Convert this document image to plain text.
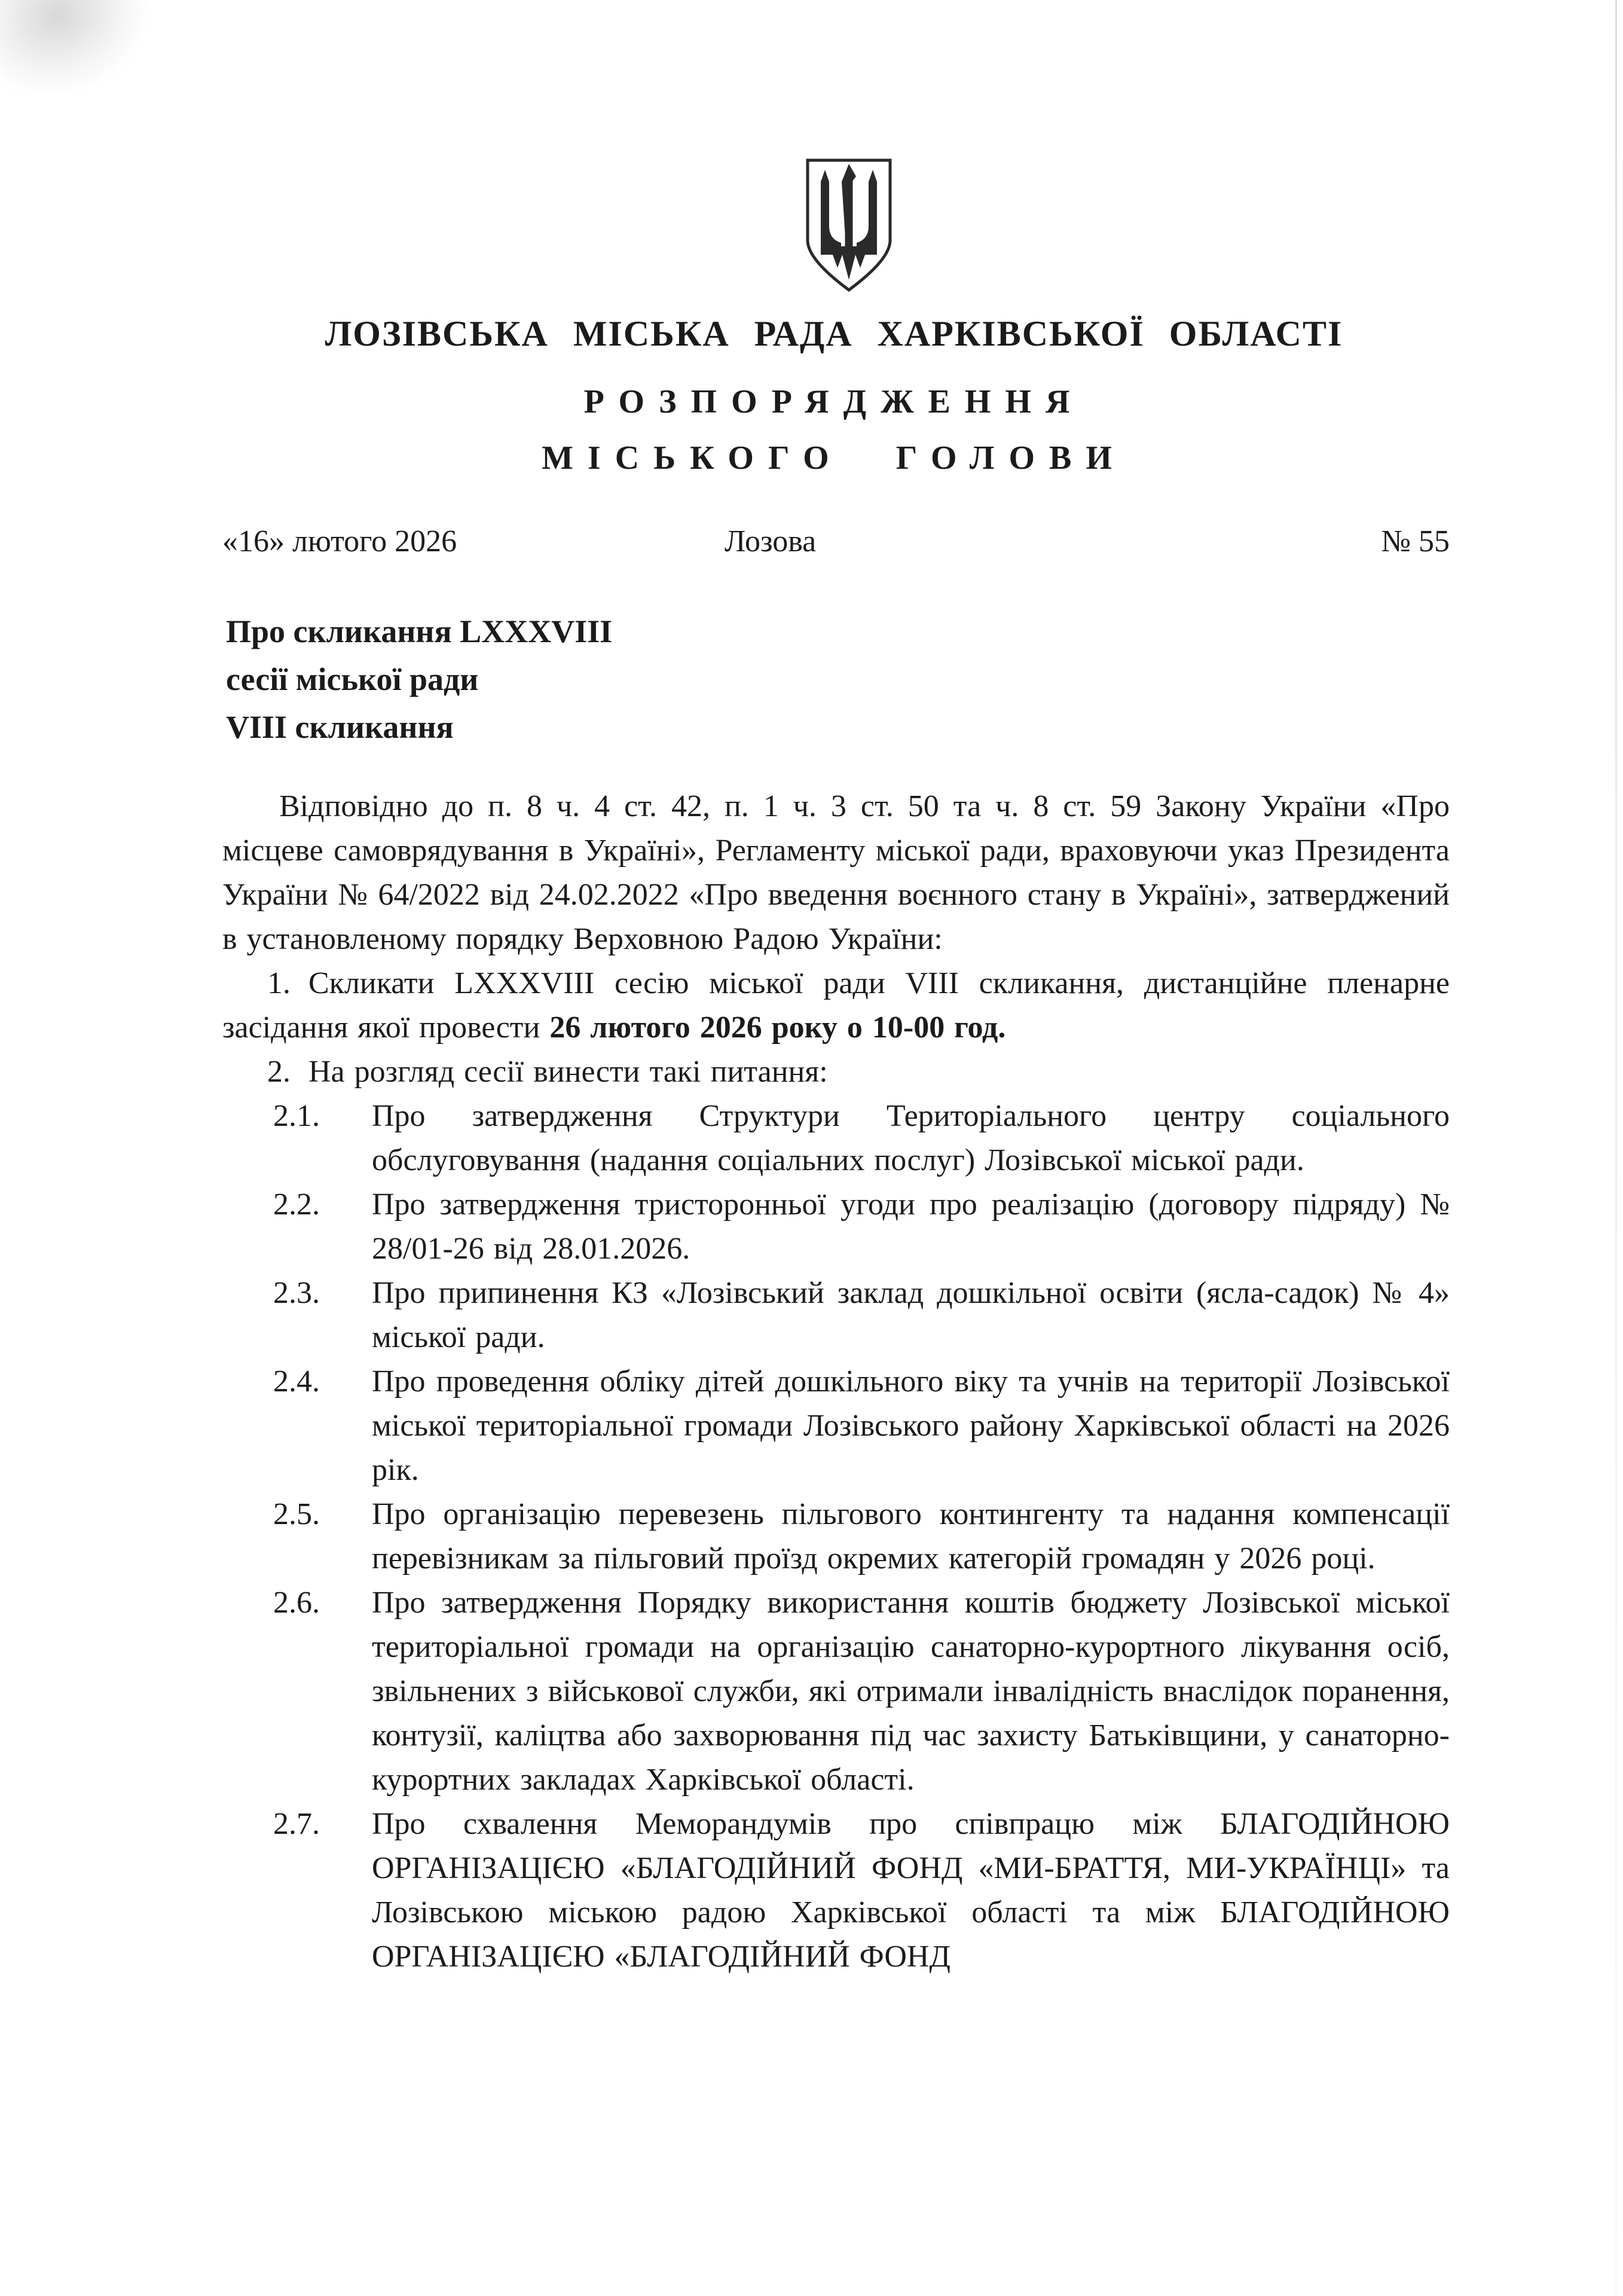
ЛОЗІВСЬКА МІСЬКА РАДА ХАРКІВСЬКОЇ ОБЛАСТІ
РОЗПОРЯДЖЕННЯ
МІСЬКОГО ГОЛОВИ
«16» лютого 2026	Лозова	№ 55
Про скликання LXXXVIII
сесії міської ради
VIII скликання

Відповідно до п. 8 ч. 4 ст. 42, п. 1 ч. 3 ст. 50 та ч. 8 ст. 59 Закону України «Про місцеве самоврядування в Україні», Регламенту міської ради, враховуючи указ Президента України № 64/2022 від 24.02.2022 «Про введення воєнного стану в Україні», затверджений в установленому порядку Верховною Радою України:

1. Скликати LXXXVIII сесію міської ради VIII скликання, дистанційне пленарне засідання якої провести 26 лютого 2026 року о 10-00 год.

2. На розгляд сесії винести такі питання:

2.1. Про затвердження Структури Територіального центру соціального обслуговування (надання соціальних послуг) Лозівської міської ради.
2.2. Про затвердження тристоронньої угоди про реалізацію (договору підряду) № 28/01-26 від 28.01.2026.
2.3. Про припинення КЗ «Лозівський заклад дошкільної освіти (ясла-садок) № 4» міської ради.
2.4. Про проведення обліку дітей дошкільного віку та учнів на території Лозівської міської територіальної громади Лозівського району Харківської області на 2026 рік.
2.5. Про організацію перевезень пільгового контингенту та надання компенсації перевізникам за пільговий проїзд окремих категорій громадян у 2026 році.
2.6. Про затвердження Порядку використання коштів бюджету Лозівської міської територіальної громади на організацію санаторно-курортного лікування осіб, звільнених з військової служби, які отримали інвалідність внаслідок поранення, контузії, каліцтва або захворювання під час захисту Батьківщини, у санаторно-курортних закладах Харківської області.
2.7. Про схвалення Меморандумів про співпрацю між БЛАГОДІЙНОЮ ОРГАНІЗАЦІЄЮ «БЛАГОДІЙНИЙ ФОНД «МИ-БРАТТЯ, МИ-УКРАЇНЦІ» та Лозівською міською радою Харківської області та між БЛАГОДІЙНОЮ ОРГАНІЗАЦІЄЮ «БЛАГОДІЙНИЙ ФОНД
